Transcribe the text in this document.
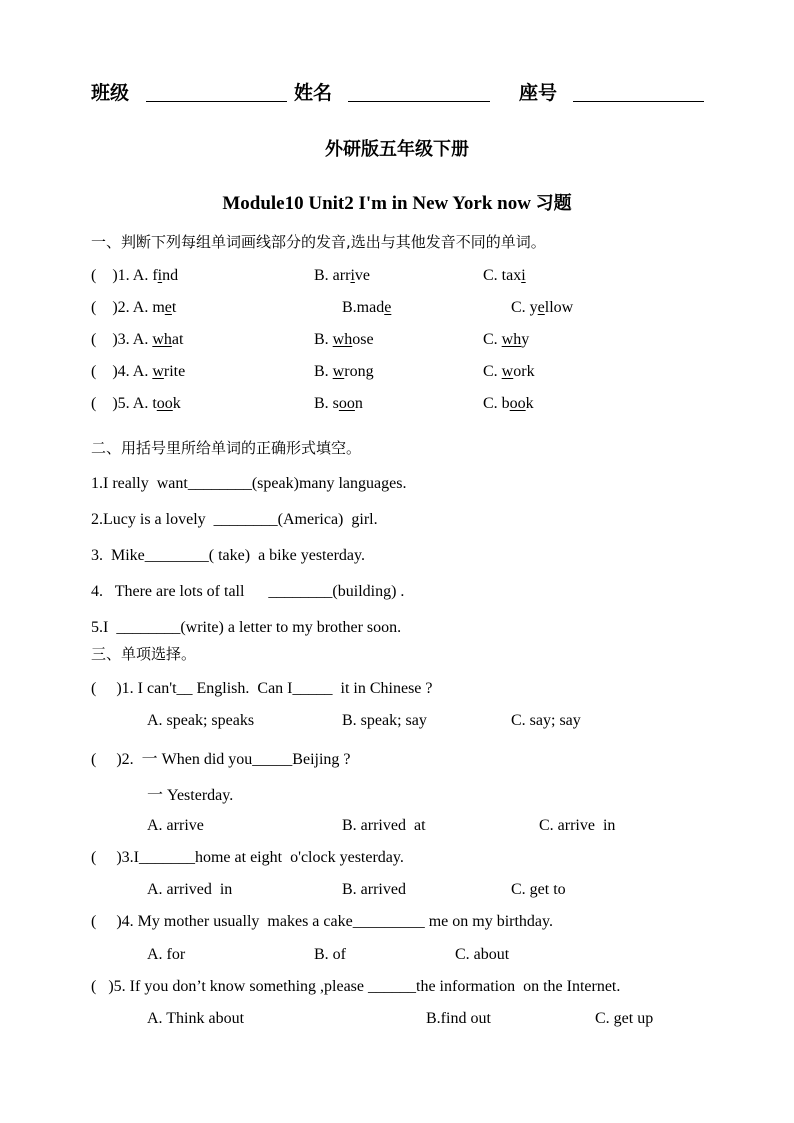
班级	姓名	座号
外研版五年级下册
Module10 Unit2 I'm in New York now 习题
一、判断下列每组单词画线部分的发音,选出与其他发音不同的单词。
(    )1. A. find	B. arrive	C. taxi
(    )2. A. met	B.made	C. yellow
(    )3. A. what	B. whose	C. why
(    )4. A. write	B. wrong	C. work
(    )5. A. took	B. soon	C. book
二、用括号里所给单词的正确形式填空。
1.I really  want________(speak)many languages.
2.Lucy is a lovely  ________(America)  girl.
3.  Mike________( take)  a bike yesterday.
4.   There are lots of tall      ________(building) .
5.I  ________(write) a letter to my brother soon.
三、单项选择。
(     )1. I can't__ English.  Can I_____  it in Chinese ?
A. speak; speaks	B. speak; say	C. say; say
(     )2.  一 When did you_____Beijing ?
一 Yesterday.
A. arrive	B. arrived  at	C. arrive  in
(     )3.I_______home at eight  o'clock yesterday.
A. arrived  in	B. arrived	C. get to
(     )4. My mother usually  makes a cake_________ me on my birthday.
A. for	B. of	C. about
(   )5. If you don’t know something ,please ______the information  on the Internet.
A. Think about	B.find out	C. get up
